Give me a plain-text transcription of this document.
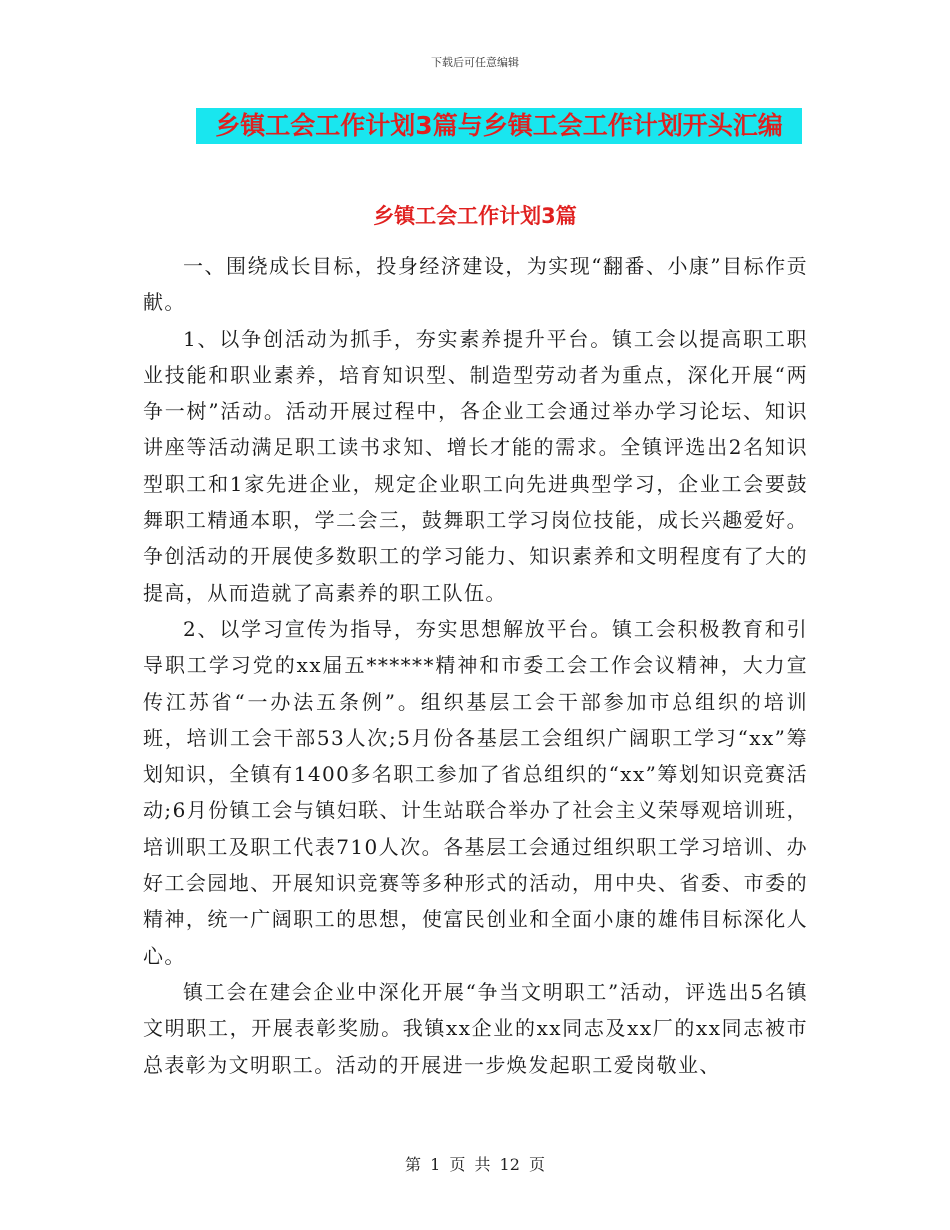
下载后可任意编辑
乡镇工会工作计划3篇与乡镇工会工作计划开头汇编
乡镇工会工作计划3篇

一、围绕成长目标，投身经济建设，为实现“翻番、小康”目标作贡献。

1、以争创活动为抓手，夯实素养提升平台。镇工会以提高职工职业技能和职业素养，培育知识型、制造型劳动者为重点，深化开展“两争一树”活动。活动开展过程中，各企业工会通过举办学习论坛、知识讲座等活动满足职工读书求知、增长才能的需求。全镇评选出2名知识型职工和1家先进企业，规定企业职工向先进典型学习，企业工会要鼓舞职工精通本职，学二会三，鼓舞职工学习岗位技能，成长兴趣爱好。争创活动的开展使多数职工的学习能力、知识素养和文明程度有了大的提高，从而造就了高素养的职工队伍。

2、以学习宣传为指导，夯实思想解放平台。镇工会积极教育和引导职工学习党的xx届五******精神和市委工会工作会议精神，大力宣传江苏省“一办法五条例”。组织基层工会干部参加市总组织的培训班，培训工会干部53人次;5月份各基层工会组织广阔职工学习“xx”筹划知识，全镇有1400多名职工参加了省总组织的“xx”筹划知识竞赛活动;6月份镇工会与镇妇联、计生站联合举办了社会主义荣辱观培训班，培训职工及职工代表710人次。各基层工会通过组织职工学习培训、办好工会园地、开展知识竞赛等多种形式的活动，用中央、省委、市委的精神，统一广阔职工的思想，使富民创业和全面小康的雄伟目标深化人心。

镇工会在建会企业中深化开展“争当文明职工”活动，评选出5名镇文明职工，开展表彰奖励。我镇xx企业的xx同志及xx厂的xx同志被市总表彰为文明职工。活动的开展进一步焕发起职工爱岗敬业、

第 1 页 共 12 页
